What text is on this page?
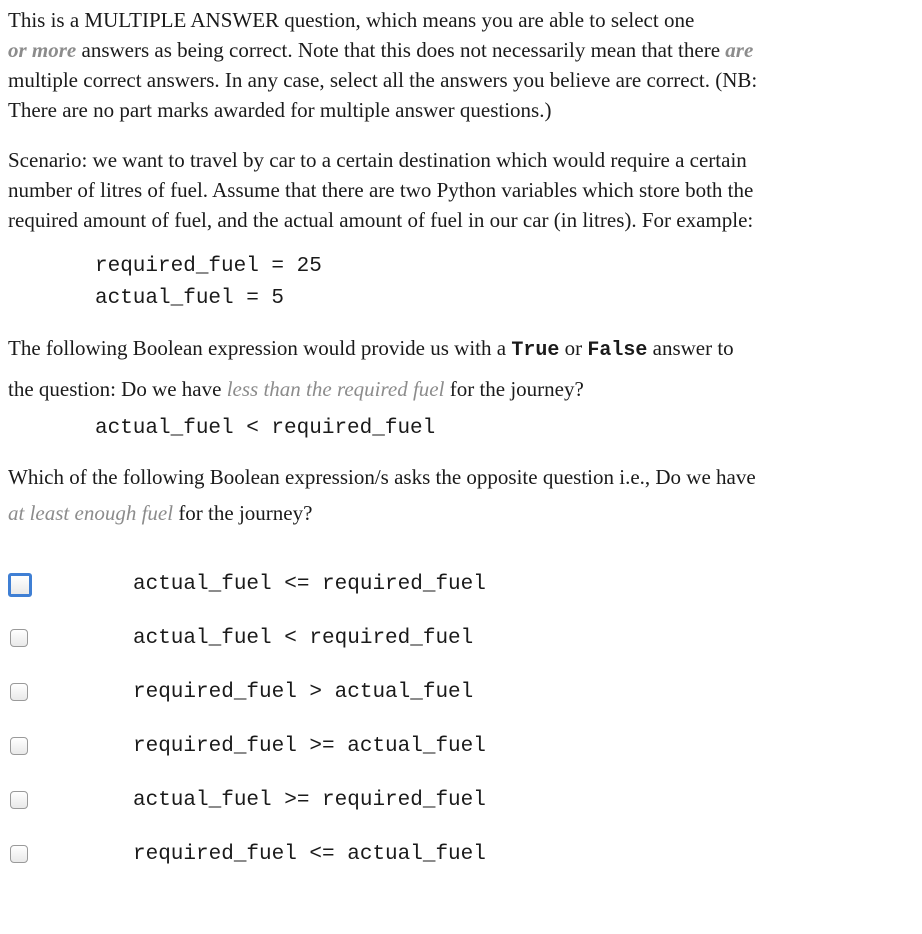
This is a MULTIPLE ANSWER question, which means you are able to select one
or more answers as being correct. Note that this does not necessarily mean that there are
multiple correct answers. In any case, select all the answers you believe are correct. (NB:
There are no part marks awarded for multiple answer questions.)

Scenario: we want to travel by car to a certain destination which would require a certain
number of litres of fuel. Assume that there are two Python variables which store both the
required amount of fuel, and the actual amount of fuel in our car (in litres). For example:

required_fuel = 25
actual_fuel = 5

The following Boolean expression would provide us with a True or False answer to
the question: Do we have less than the required fuel for the journey?

actual_fuel < required_fuel

Which of the following Boolean expression/s asks the opposite question i.e., Do we have
at least enough fuel for the journey?

actual_fuel <= required_fuel
actual_fuel < required_fuel
required_fuel > actual_fuel
required_fuel >= actual_fuel
actual_fuel >= required_fuel
required_fuel <= actual_fuel
